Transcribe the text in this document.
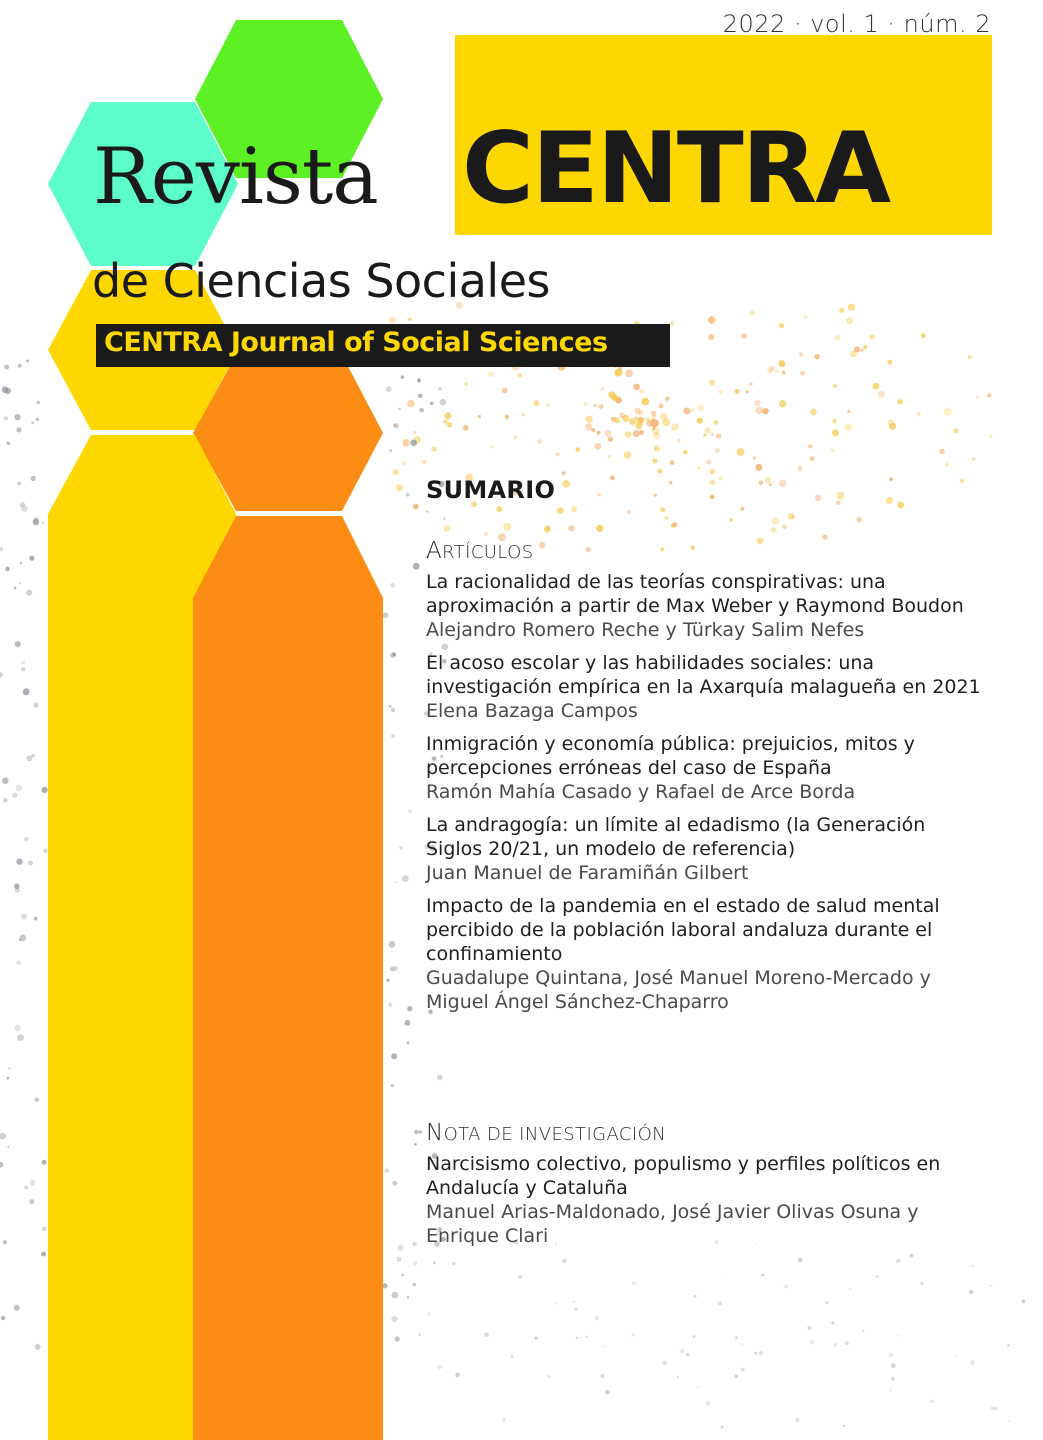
2022 · vol. 1 · núm. 2
Revista CENTRA
de Ciencias Sociales
CENTRA Journal of Social Sciences
SUMARIO
ARTÍCULOS
La racionalidad de las teorías conspirativas: una aproximación a partir de Max Weber y Raymond Boudon
Alejandro Romero Reche y Türkay Salim Nefes
El acoso escolar y las habilidades sociales: una investigación empírica en la Axarquía malagueña en 2021
Elena Bazaga Campos
Inmigración y economía pública: prejuicios, mitos y percepciones erróneas del caso de España
Ramón Mahía Casado y Rafael de Arce Borda
La andragogía: un límite al edadismo (la Generación Siglos 20/21, un modelo de referencia)
Juan Manuel de Faramiñán Gilbert
Impacto de la pandemia en el estado de salud mental percibido de la población laboral andaluza durante el confinamiento
Guadalupe Quintana, José Manuel Moreno-Mercado y Miguel Ángel Sánchez-Chaparro
NOTA DE INVESTIGACIÓN
Narcisismo colectivo, populismo y perfiles políticos en Andalucía y Cataluña
Manuel Arias-Maldonado, José Javier Olivas Osuna y Enrique Clari
